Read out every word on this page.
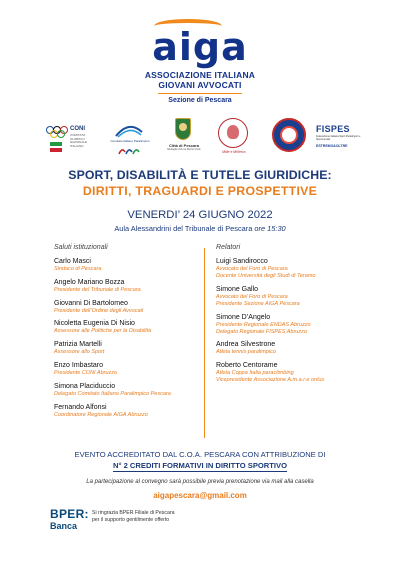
aiga
ASSOCIAZIONE ITALIANA
GIOVANI AVVOCATI
Sezione di Pescara
CONI
COMITATO OLIMPICO NAZIONALE ITALIANO
Comitato Italiano Paralimpico
Città di Pescara
Medaglia d'oro al Merito Civile
Mille e Miñervo
FISPES
Federazione Italiana Sport Paralimpici e Sperimentali
ESTREMO&OLTRE
SPORT, DISABILITÀ E TUTELE GIURIDICHE:
DIRITTI, TRAGUARDI E PROSPETTIVE
VENERDI’ 24 GIUGNO 2022
Aula Alessandrini del Tribunale di Pescara ore 15:30
Saluti istituzionali
Carlo Masci
Sindaco di Pescara
Angelo Mariano Bozza
Presidente del Tribunale di Pescara
Giovanni Di Bartolomeo
Presidente dell’Ordine degli Avvocati
Nicoletta Eugenia Di Nisio
Assessore alle Politiche per la Disabilità
Patrizia Martelli
Assessore allo Sport
Enzo Imbastaro
Presidente CONI Abruzzo
Simona Placiduccio
Delegato Comitato Italiano Paralimpico Pescara
Fernando Alfonsi
Coordinatore Regionale AIGA Abruzzo
Relatori
Luigi Sandirocco
Avvocato del Foro di Pescara
Docente Università degli Studi di Teramo
Simone Gallo
Avvocato del Foro di Pescara
Presidente Sezione AIGA Pescara
Simone D’Angelo
Presidente Regionale ENDAS Abruzzo
Delegato Regionale FISPES Abruzzo
Andrea Silvestrone
Atleta tennis paralimpico
Roberto Centorame
Atleta Coppa Italia paraclimbing
Vicepresidente Associazione A.m.a.r.e onlus
EVENTO ACCREDITATO DAL C.O.A. PESCARA CON ATTRIBUZIONE DI
N° 2 CREDITI FORMATIVI IN DIRITTO SPORTIVO
La partecipazione al convegno sarà possibile previa prenotazione via mail alla casella
aigapescara@gmail.com
BPER:
Banca
Si ringrazia BPER Filiale di Pescara
per il supporto gentilmente offerto
